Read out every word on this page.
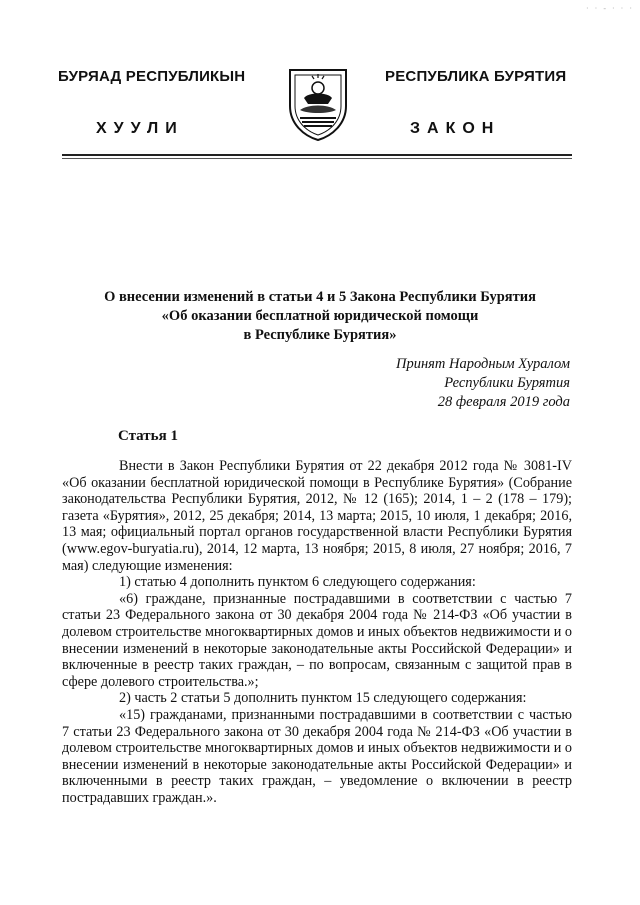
· · - · · ·
БУРЯАД РЕСПУБЛИКЫН	РЕСПУБЛИКА БУРЯТИЯ
ХУУЛИ	ЗАКОН
О внесении изменений в статьи 4 и 5 Закона Республики Бурятия
«Об оказании бесплатной юридической помощи
в Республике Бурятия»
Принят Народным Хуралом
Республики Бурятия
28 февраля 2019 года
Статья 1

Внести в Закон Республики Бурятия от 22 декабря 2012 года № 3081-IV «Об оказании бесплатной юридической помощи в Республике Бурятия» (Собрание законодательства Республики Бурятия, 2012, № 12 (165); 2014, 1 – 2 (178 – 179); газета «Бурятия», 2012, 25 декабря; 2014, 13 марта; 2015, 10 июля, 1 декабря; 2016, 13 мая; официальный портал органов государственной власти Республики Бурятия (www.egov-buryatia.ru), 2014, 12 марта, 13 ноября; 2015, 8 июля, 27 ноября; 2016, 7 мая) следующие изменения:

1) статью 4 дополнить пунктом 6 следующего содержания:

«6) граждане, признанные пострадавшими в соответствии с частью 7 статьи 23 Федерального закона от 30 декабря 2004 года № 214-ФЗ «Об участии в долевом строительстве многоквартирных домов и иных объектов недвижимости и о внесении изменений в некоторые законодательные акты Российской Федерации» и включенные в реестр таких граждан, – по вопросам, связанным с защитой прав в сфере долевого строительства.»;

2) часть 2 статьи 5 дополнить пунктом 15 следующего содержания:

«15) гражданами, признанными пострадавшими в соответствии с частью 7 статьи 23 Федерального закона от 30 декабря 2004 года № 214-ФЗ «Об участии в долевом строительстве многоквартирных домов и иных объектов недвижимости и о внесении изменений в некоторые законодательные акты Российской Федерации» и включенными в реестр таких граждан, – уведомление о включении в реестр пострадавших граждан.».
